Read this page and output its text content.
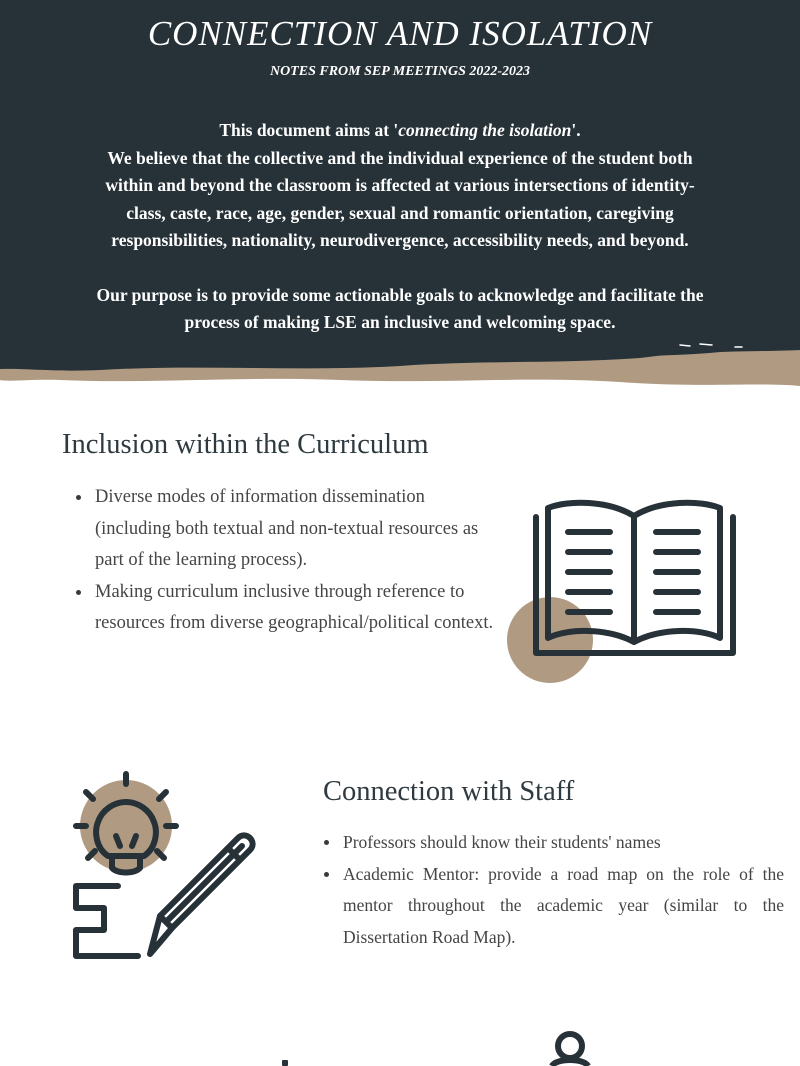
CONNECTION AND ISOLATION
NOTES FROM SEP MEETINGS 2022-2023

This document aims at 'connecting the isolation'.

We believe that the collective and the individual experience of the student both

within and beyond the classroom is affected at various intersections of identity-

class, caste, race, age, gender, sexual and romantic orientation, caregiving

responsibilities, nationality, neurodivergence, accessibility needs, and beyond.

Our purpose is to provide some actionable goals to acknowledge and facilitate the

process of making LSE an inclusive and welcoming space.

Inclusion within the Curriculum
Diverse modes of information dissemination (including both textual and non-textual resources as part of the learning process).
Making curriculum inclusive through reference to resources from diverse geographical/political context.
Connection with Staff
Professors should know their students' names
Academic Mentor: provide a road map on the role of the mentor throughout the academic year (similar to the Dissertation Road Map).
